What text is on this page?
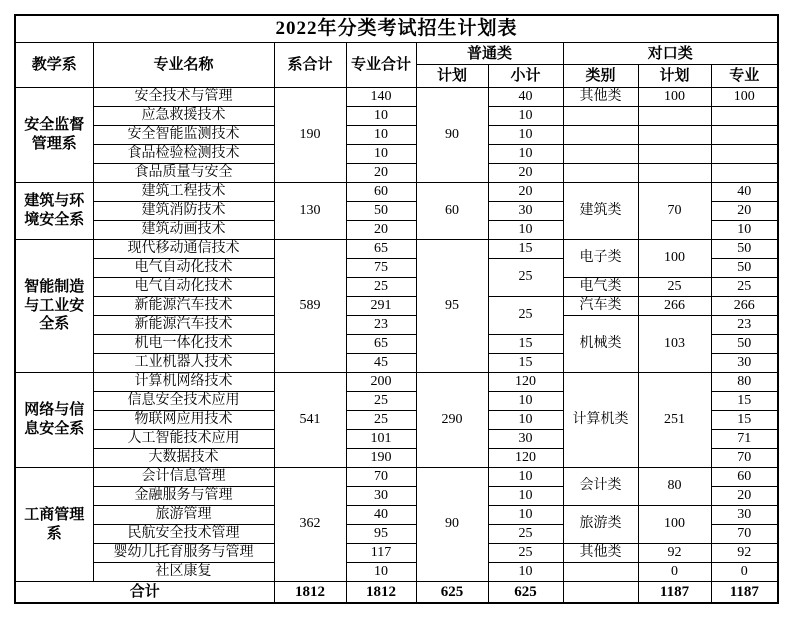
2022年分类考试招生计划表								
教学系	专业名称	系合计	专业合计	普通类		对口类		
				计划	小计	类别	计划	专业
安全监督管理系	安全技术与管理	190	140	90	40	其他类	100	100
	应急救援技术		10		10			
	安全智能监测技术		10		10			
	食品检验检测技术		10		10			
	食品质量与安全		20		20			
建筑与环境安全系	建筑工程技术	130	60	60	20	建筑类	70	40
	建筑消防技术		50		30			20
	建筑动画技术		20		10			10
智能制造与工业安全系	现代移动通信技术	589	65	95	15	电子类	100	50
	电气自动化技术		75		25			50
	电气自动化技术		25			电气类	25	25
	新能源汽车技术		291		25	汽车类	266	266
	新能源汽车技术		23			机械类	103	23
	机电一体化技术		65		15			50
	工业机器人技术		45		15			30
网络与信息安全系	计算机网络技术	541	200	290	120	计算机类	251	80
	信息安全技术应用		25		10			15
	物联网应用技术		25		10			15
	人工智能技术应用		101		30			71
	大数据技术		190		120			70
工商管理系	会计信息管理	362	70	90	10	会计类	80	60
	金融服务与管理		30		10			20
	旅游管理		40		10	旅游类	100	30
	民航安全技术管理		95		25			70
	婴幼儿托育服务与管理		117		25	其他类	92	92
	社区康复		10		10		0	0
合计		1812	1812	625	625		1187	1187
